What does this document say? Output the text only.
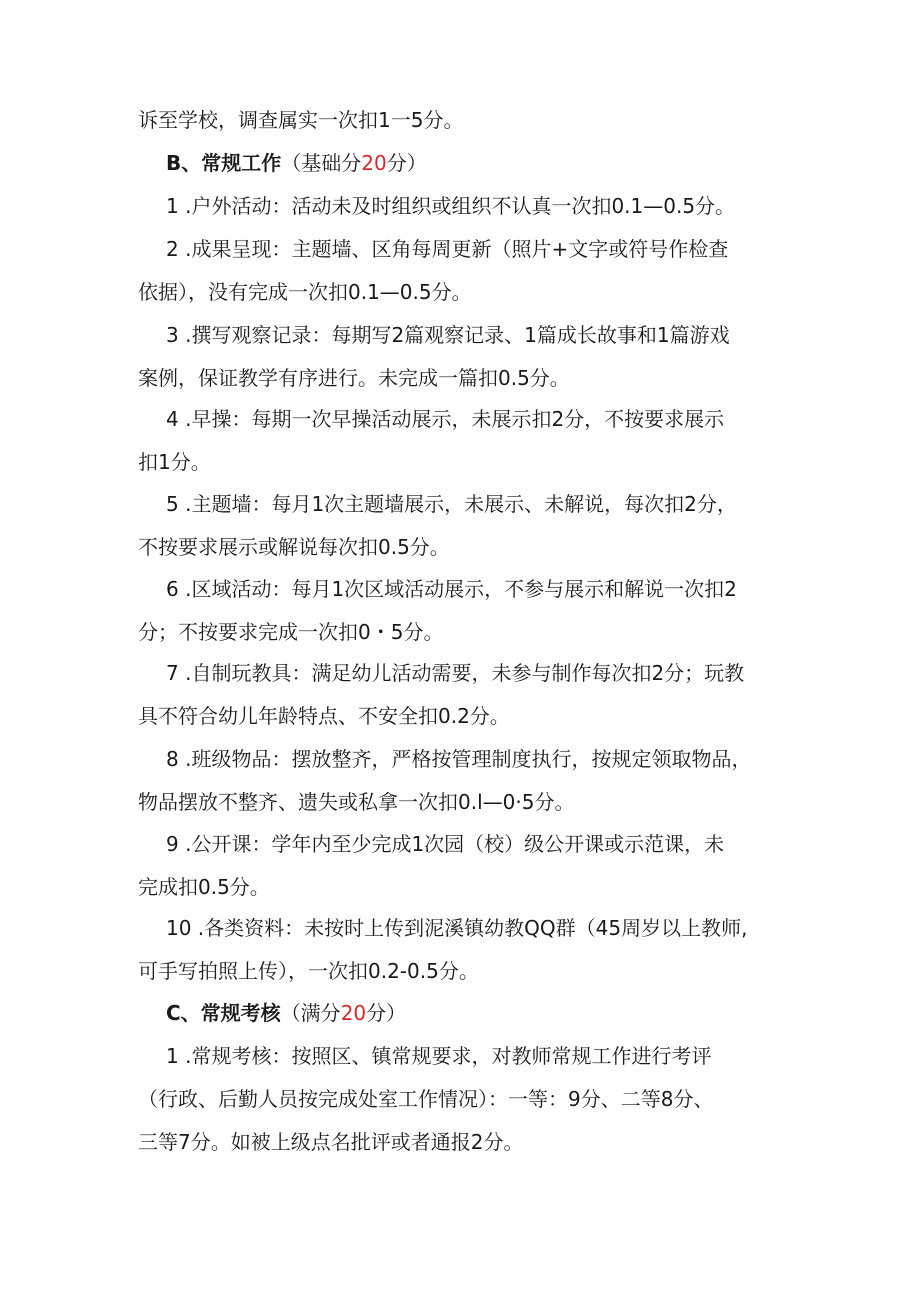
诉至学校，调查属实一次扣1一5分。

B、常规工作（基础分20分）

1 .户外活动：活动未及时组织或组织不认真一次扣0.1—0.5分。

2 .成果呈现：主题墙、区角每周更新（照片+文字或符号作检查
依据），没有完成一次扣0.1—0.5分。

3 .撰写观察记录：每期写2篇观察记录、1篇成长故事和1篇游戏
案例，保证教学有序进行。未完成一篇扣0.5分。

4 .早操：每期一次早操活动展示，未展示扣2分，不按要求展示
扣1分。

5 .主题墙：每月1次主题墙展示，未展示、未解说，每次扣2分，
不按要求展示或解说每次扣0.5分。

6 .区域活动：每月1次区域活动展示，不参与展示和解说一次扣2
分；不按要求完成一次扣0・5分。

7 .自制玩教具：满足幼儿活动需要，未参与制作每次扣2分；玩教
具不符合幼儿年龄特点、不安全扣0.2分。

8 .班级物品：摆放整齐，严格按管理制度执行，按规定领取物品，
物品摆放不整齐、遗失或私拿一次扣0.l—0·5分。

9 .公开课：学年内至少完成1次园（校）级公开课或示范课，未
完成扣0.5分。

10 .各类资料：未按时上传到泥溪镇幼教QQ群（45周岁以上教师,
可手写拍照上传），一次扣0.2-0.5分。

C、常规考核（满分20分）

1 .常规考核：按照区、镇常规要求，对教师常规工作进行考评
（行政、后勤人员按完成处室工作情况）：一等：9分、二等8分、
三等7分。如被上级点名批评或者通报2分。
